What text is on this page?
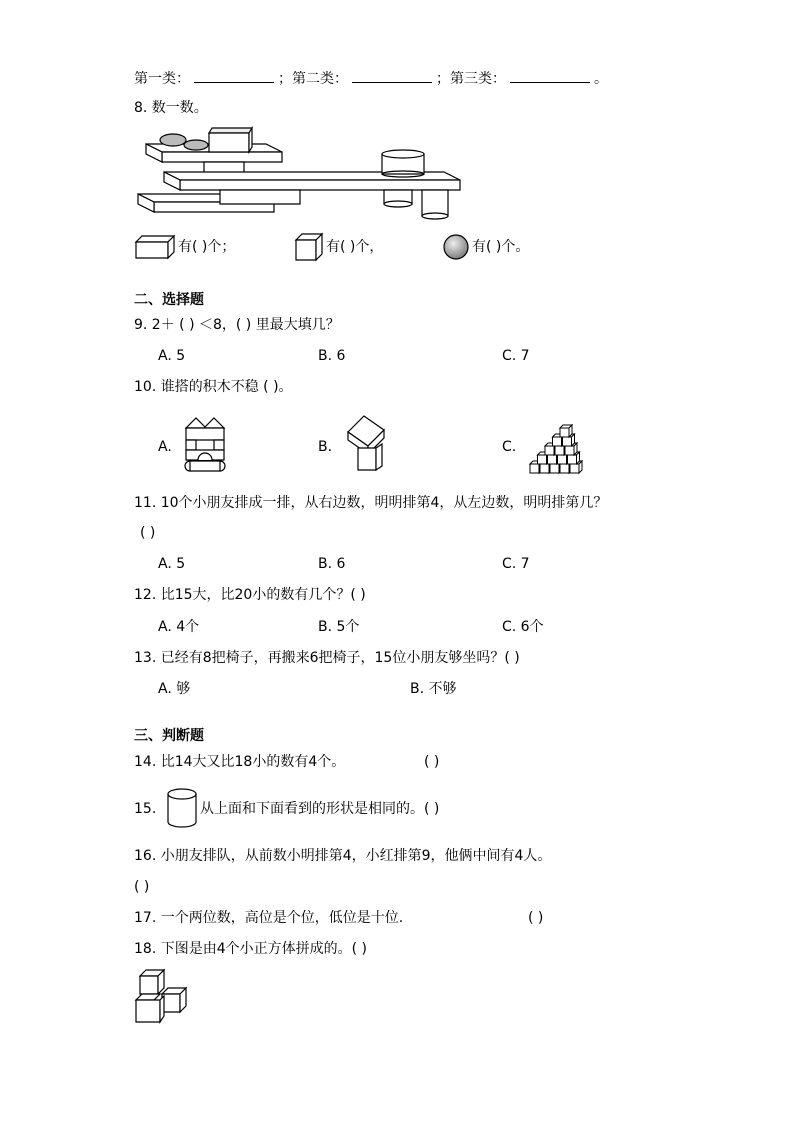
第一类：	；第二类：	；第三类：	。
8. 数一数。
有( )个；	有( )个，	有( )个。
二、选择题
9. 2＋ ( ) ＜8，( ) 里最大填几？
A. 5	B. 6	C. 7
10. 谁搭的积木不稳 ( )。
A.	B.	C.
11. 10个小朋友排成一排，从右边数，明明排第4，从左边数，明明排第几？
( )
A. 5	B. 6	C. 7
12. 比15大，比20小的数有几个？( )
A. 4个	B. 5个	C. 6个
13. 已经有8把椅子，再搬来6把椅子，15位小朋友够坐吗？( )
A. 够	B. 不够
三、判断题
14. 比14大又比18小的数有4个。	( )
15.	从上面和下面看到的形状是相同的。( )
16. 小朋友排队，从前数小明排第4，小红排第9，他俩中间有4人。
( )
17. 一个两位数，高位是个位，低位是十位.	( )
18. 下图是由4个小正方体拼成的。( )
